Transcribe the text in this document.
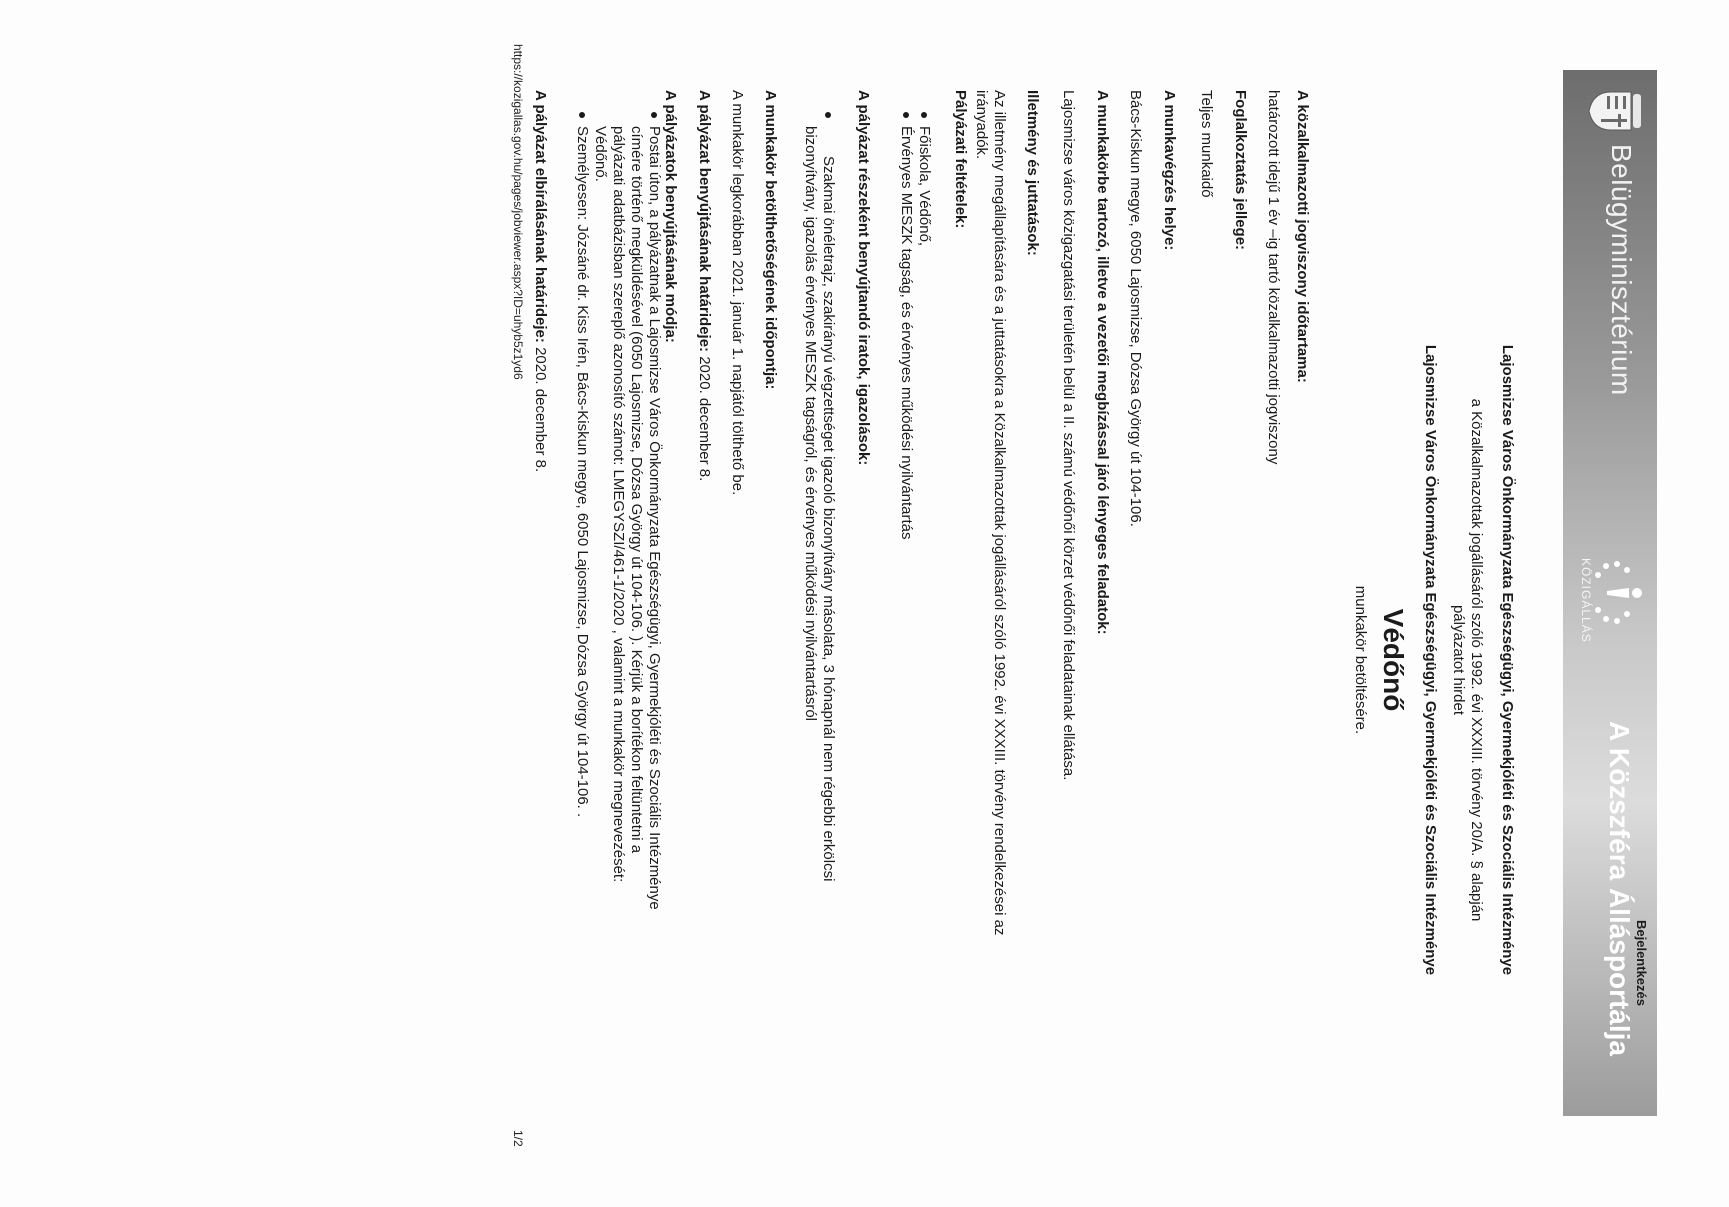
Belügyminisztérium
KÖZIGÁLLÁS
Bejelentkezés
A Közszféra Állásportálja
Lajosmizse Város Önkormányzata Egészségügyi, Gyermekjóléti és Szociális Intézménye
a Közalkalmazottak jogállásáról szóló 1992. évi XXXIII. törvény 20/A. § alapján
pályázatot hirdet
Lajosmizse Város Önkormányzata Egészségügyi, Gyermekjóléti és Szociális Intézménye
Védőnő
munkakör betöltésére.
A közalkalmazotti jogviszony időtartama:
határozott idejű 1 év –ig tartó közalkalmazotti jogviszony
Foglalkoztatás jellege:
Teljes munkaidő
A munkavégzés helye:
Bács-Kiskun megye, 6050 Lajosmizse, Dózsa György út 104-106.
A munkakörbe tartozó, illetve a vezetői megbízással járó lényeges feladatok:
Lajosmizse város közigazgatási területén belül a II. számú védőnői körzet védőnői feladatainak ellátása.
Illetmény és juttatások:
Az illetmény megállapítására és a juttatásokra a Közalkalmazottak jogállásáról szóló 1992. évi XXXIII. törvény rendelkezései az
irányadók.
Pályázati feltételek:
Főiskola, Védőnő,
Érvényes MESZK tagság, és érvényes működési nyilvántartás
A pályázat részeként benyújtandó iratok, igazolások:
Szakmai önéletrajz, szakirányú végzettséget igazoló bizonyítvány másolata, 3 hónapnál nem régebbi erkölcsi
bizonyítvány, igazolás érvényes MESZK tagságról, és érvényes működési nyilvántartásról
A munkakör betölthetőségének időpontja:
A munkakör legkorábban 2021. január 1. napjától tölthető be.
A pályázat benyújtásának határideje: 2020. december 8.
A pályázatok benyújtásának módja:
Postai úton, a pályázatnak a Lajosmizse Város Önkormányzata Egészségügyi, Gyermekjóléti és Szociális Intézménye
címére történő megküldésével (6050 Lajosmizse, Dózsa György út 104-106. ). Kérjük a borítékon feltüntetni a
pályázati adatbázisban szereplő azonosító számot: LMEGYSZI/461-1/2020 , valamint a munkakör megnevezését:
Védőnő.
Személyesen: Józsáné dr. Kiss Irén, Bács-Kiskun megye, 6050 Lajosmizse, Dózsa György út 104-106. .
A pályázat elbírálásának határideje: 2020. december 8.
https://kozigallas.gov.hu/pages/jobviewer.aspx?ID=uhyb5z1yd6
1/2
